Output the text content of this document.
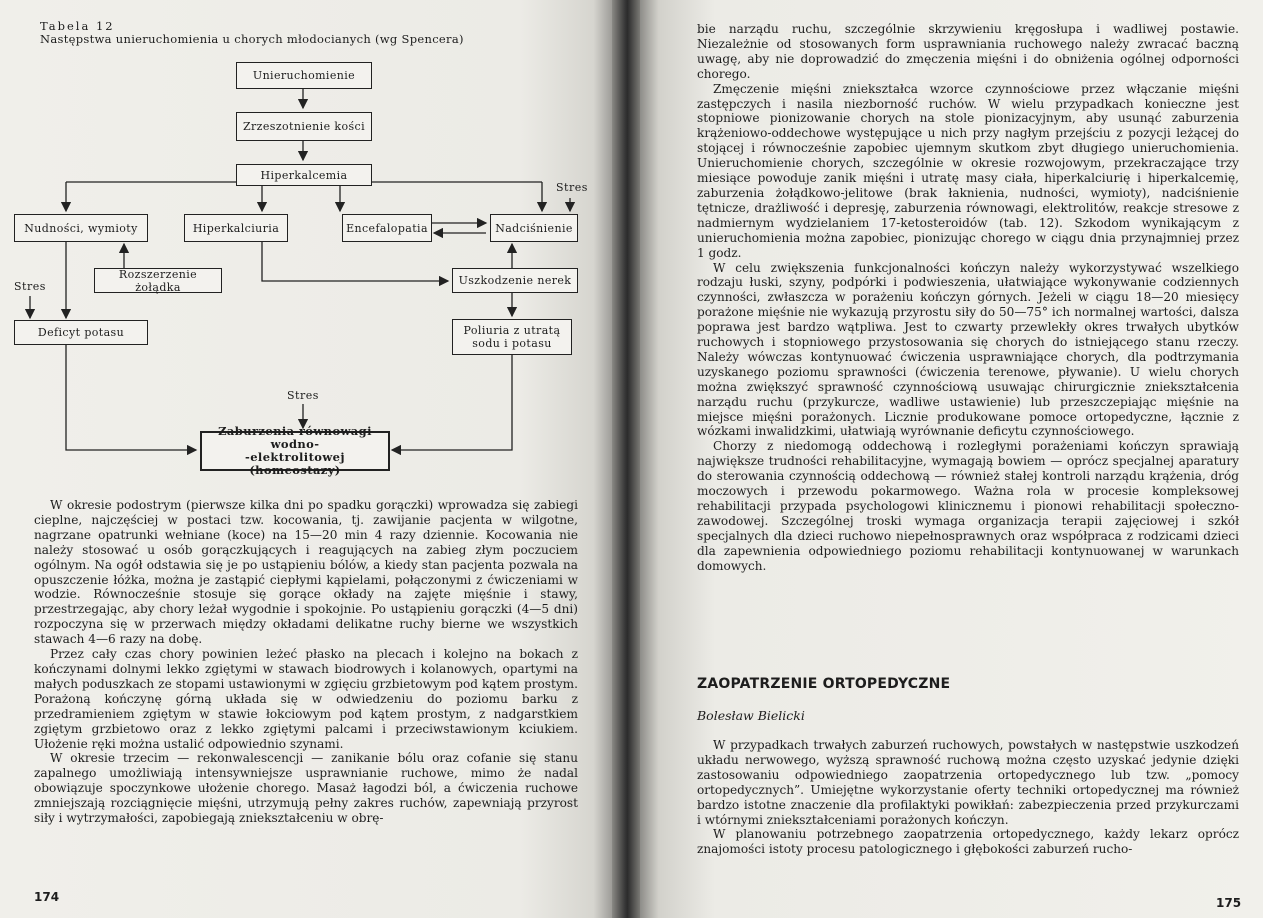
Tabela 12
Następstwa unieruchomienia u chorych młodocianych (wg Spencera)
Unieruchomienie
Zrzeszotnienie kości
Hiperkalcemia
Nudności, wymioty	Hiperkalciuria	Encefalopatia	Nadciśnienie
Rozszerzenie żołądka	Uszkodzenie nerek
Deficyt potasu	Poliuria z utratą
sodu i potasu
Zaburzenia równowagi wodno-
-elektrolitowej (homeostazy)
Stres
Stres
Stres

W okresie podostrym (pierwsze kilka dni po spadku gorączki) wprowadza się zabiegi cieplne, najczęściej w postaci tzw. kocowania, tj. zawijanie pacjenta w wilgotne, nagrzane opatrunki wełniane (koce) na 15—20 min 4 razy dziennie. Kocowania nie należy stosować u osób gorączkujących i reagujących na zabieg złym poczuciem ogólnym. Na ogół odstawia się je po ustąpieniu bólów, a kiedy stan pacjenta pozwala na opuszczenie łóżka, można je zastąpić ciepłymi kąpielami, połączonymi z ćwiczeniami w wodzie. Równocześnie stosuje się gorące okłady na zajęte mięśnie i stawy, przestrzegając, aby chory leżał wygodnie i spokojnie. Po ustąpieniu gorączki (4—5 dni) rozpoczyna się w przerwach między okładami delikatne ruchy bierne we wszystkich stawach 4—6 razy na dobę.

Przez cały czas chory powinien leżeć płasko na plecach i kolejno na bokach z kończynami dolnymi lekko zgiętymi w stawach biodrowych i kolanowych, opartymi na małych poduszkach ze stopami ustawionymi w zgięciu grzbietowym pod kątem prostym. Porażoną kończynę górną układa się w odwiedzeniu do poziomu barku z przedramieniem zgiętym w stawie łokciowym pod kątem prostym, z nadgarstkiem zgiętym grzbietowo oraz z lekko zgiętymi palcami i przeciwstawionym kciukiem. Ułożenie ręki można ustalić odpowiednio szynami.

W okresie trzecim — rekonwalescencji — zanikanie bólu oraz cofanie się stanu zapalnego umożliwiają intensywniejsze usprawnianie ruchowe, mimo że nadal obowiązuje spoczynkowe ułożenie chorego. Masaż łagodzi ból, a ćwiczenia ruchowe zmniejszają rozciągnięcie mięśni, utrzymują pełny zakres ruchów, zapewniają przyrost siły i wytrzymałości, zapobiegają zniekształceniu w obrę-

174

bie narządu ruchu, szczególnie skrzywieniu kręgosłupa i wadliwej postawie. Niezależnie od stosowanych form usprawniania ruchowego należy zwracać baczną uwagę, aby nie doprowadzić do zmęczenia mięśni i do obniżenia ogólnej odporności chorego.

Zmęczenie mięśni zniekształca wzorce czynnościowe przez włączanie mięśni zastępczych i nasila niezborność ruchów. W wielu przypadkach konieczne jest stopniowe pionizowanie chorych na stole pionizacyjnym, aby usunąć zaburzenia krążeniowo-oddechowe występujące u nich przy nagłym przejściu z pozycji leżącej do stojącej i równocześnie zapobiec ujemnym skutkom zbyt długiego unieruchomienia. Unieruchomienie chorych, szczególnie w okresie rozwojowym, przekraczające trzy miesiące powoduje zanik mięśni i utratę masy ciała, hiperkalciurię i hiperkalcemię, zaburzenia żołądkowo-jelitowe (brak łaknienia, nudności, wymioty), nadciśnienie tętnicze, drażliwość i depresję, zaburzenia równowagi, elektrolitów, reakcje stresowe z nadmiernym wydzielaniem 17-ketosteroidów (tab. 12). Szkodom wynikającym z unieruchomienia można zapobiec, pionizując chorego w ciągu dnia przynajmniej przez 1 godz.

W celu zwiększenia funkcjonalności kończyn należy wykorzystywać wszelkiego rodzaju łuski, szyny, podpórki i podwieszenia, ułatwiające wykonywanie codziennych czynności, zwłaszcza w porażeniu kończyn górnych. Jeżeli w ciągu 18—20 miesięcy porażone mięśnie nie wykazują przyrostu siły do 50—75° ich normalnej wartości, dalsza poprawa jest bardzo wątpliwa. Jest to czwarty przewlekły okres trwałych ubytków ruchowych i stopniowego przystosowania się chorych do istniejącego stanu rzeczy. Należy wówczas kontynuować ćwiczenia usprawniające chorych, dla podtrzymania uzyskanego poziomu sprawności (ćwiczenia terenowe, pływanie). U wielu chorych można zwiększyć sprawność czynnościową usuwając chirurgicznie zniekształcenia narządu ruchu (przykurcze, wadliwe ustawienie) lub przeszczepiając mięśnie na miejsce mięśni porażonych. Licznie produkowane pomoce ortopedyczne, łącznie z wózkami inwalidzkimi, ułatwiają wyrównanie deficytu czynnościowego.

Chorzy z niedomogą oddechową i rozległymi porażeniami kończyn sprawiają największe trudności rehabilitacyjne, wymagają bowiem — oprócz specjalnej aparatury do sterowania czynnością oddechową — również stałej kontroli narządu krążenia, dróg moczowych i przewodu pokarmowego. Ważna rola w procesie kompleksowej rehabilitacji przypada psychologowi klinicznemu i pionowi rehabilitacji społeczno-zawodowej. Szczególnej troski wymaga organizacja terapii zajęciowej i szkół specjalnych dla dzieci ruchowo niepełnosprawnych oraz współpraca z rodzicami dzieci dla zapewnienia odpowiedniego poziomu rehabilitacji kontynuowanej w warunkach domowych.

ZAOPATRZENIE ORTOPEDYCZNE
Bolesław Bielicki

W przypadkach trwałych zaburzeń ruchowych, powstałych w następstwie uszkodzeń układu nerwowego, wyższą sprawność ruchową można często uzyskać jedynie dzięki zastosowaniu odpowiedniego zaopatrzenia ortopedycznego lub tzw. „pomocy ortopedycznych”. Umiejętne wykorzystanie oferty techniki ortopedycznej ma również bardzo istotne znaczenie dla profilaktyki powikłań: zabezpieczenia przed przykurczami i wtórnymi zniekształceniami porażonych kończyn.

W planowaniu potrzebnego zaopatrzenia ortopedycznego, każdy lekarz oprócz znajomości istoty procesu patologicznego i głębokości zaburzeń rucho-

175
